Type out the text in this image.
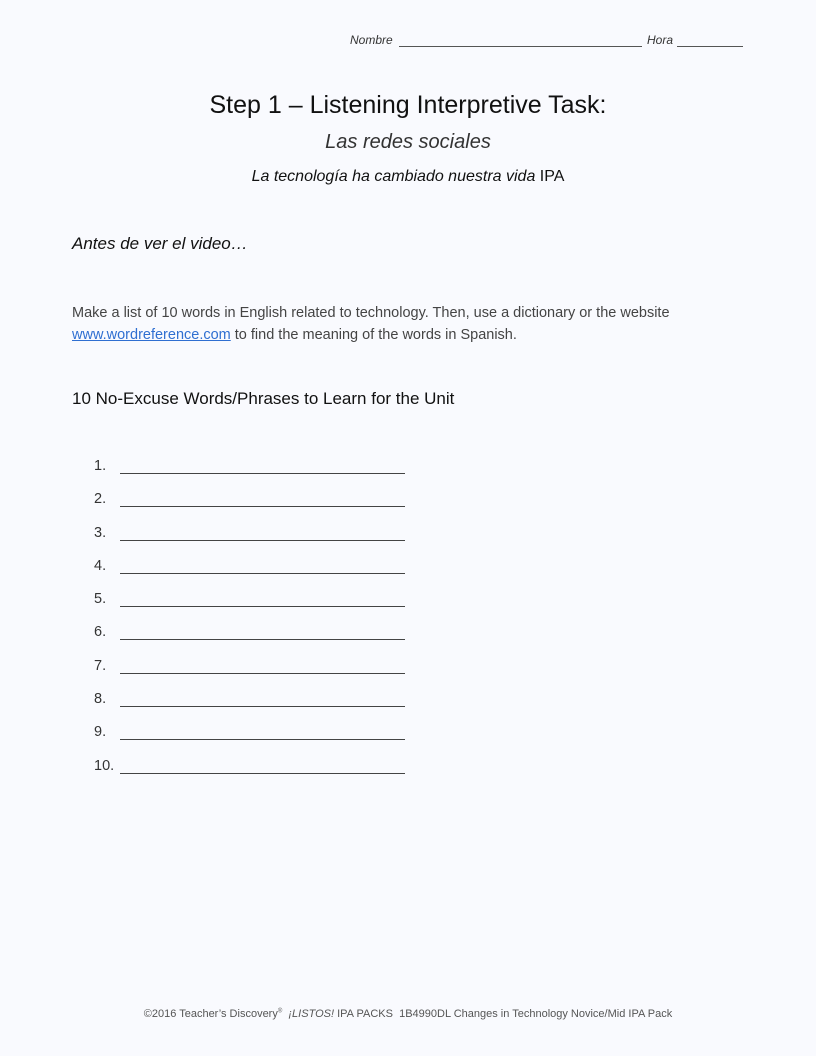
Nombre	Hora
Step 1 – Listening Interpretive Task:
Las redes sociales
La tecnología ha cambiado nuestra vida IPA
Antes de ver el video…
Make a list of 10 words in English related to technology. Then, use a dictionary or the website
www.wordreference.com to find the meaning of the words in Spanish.
10 No-Excuse Words/Phrases to Learn for the Unit
1.
2.
3.
4.
5.
6.
7.
8.
9.
10.
©2016 Teacher’s Discovery® ¡LISTOS! IPA PACKS 1B4990DL Changes in Technology Novice/Mid IPA Pack
